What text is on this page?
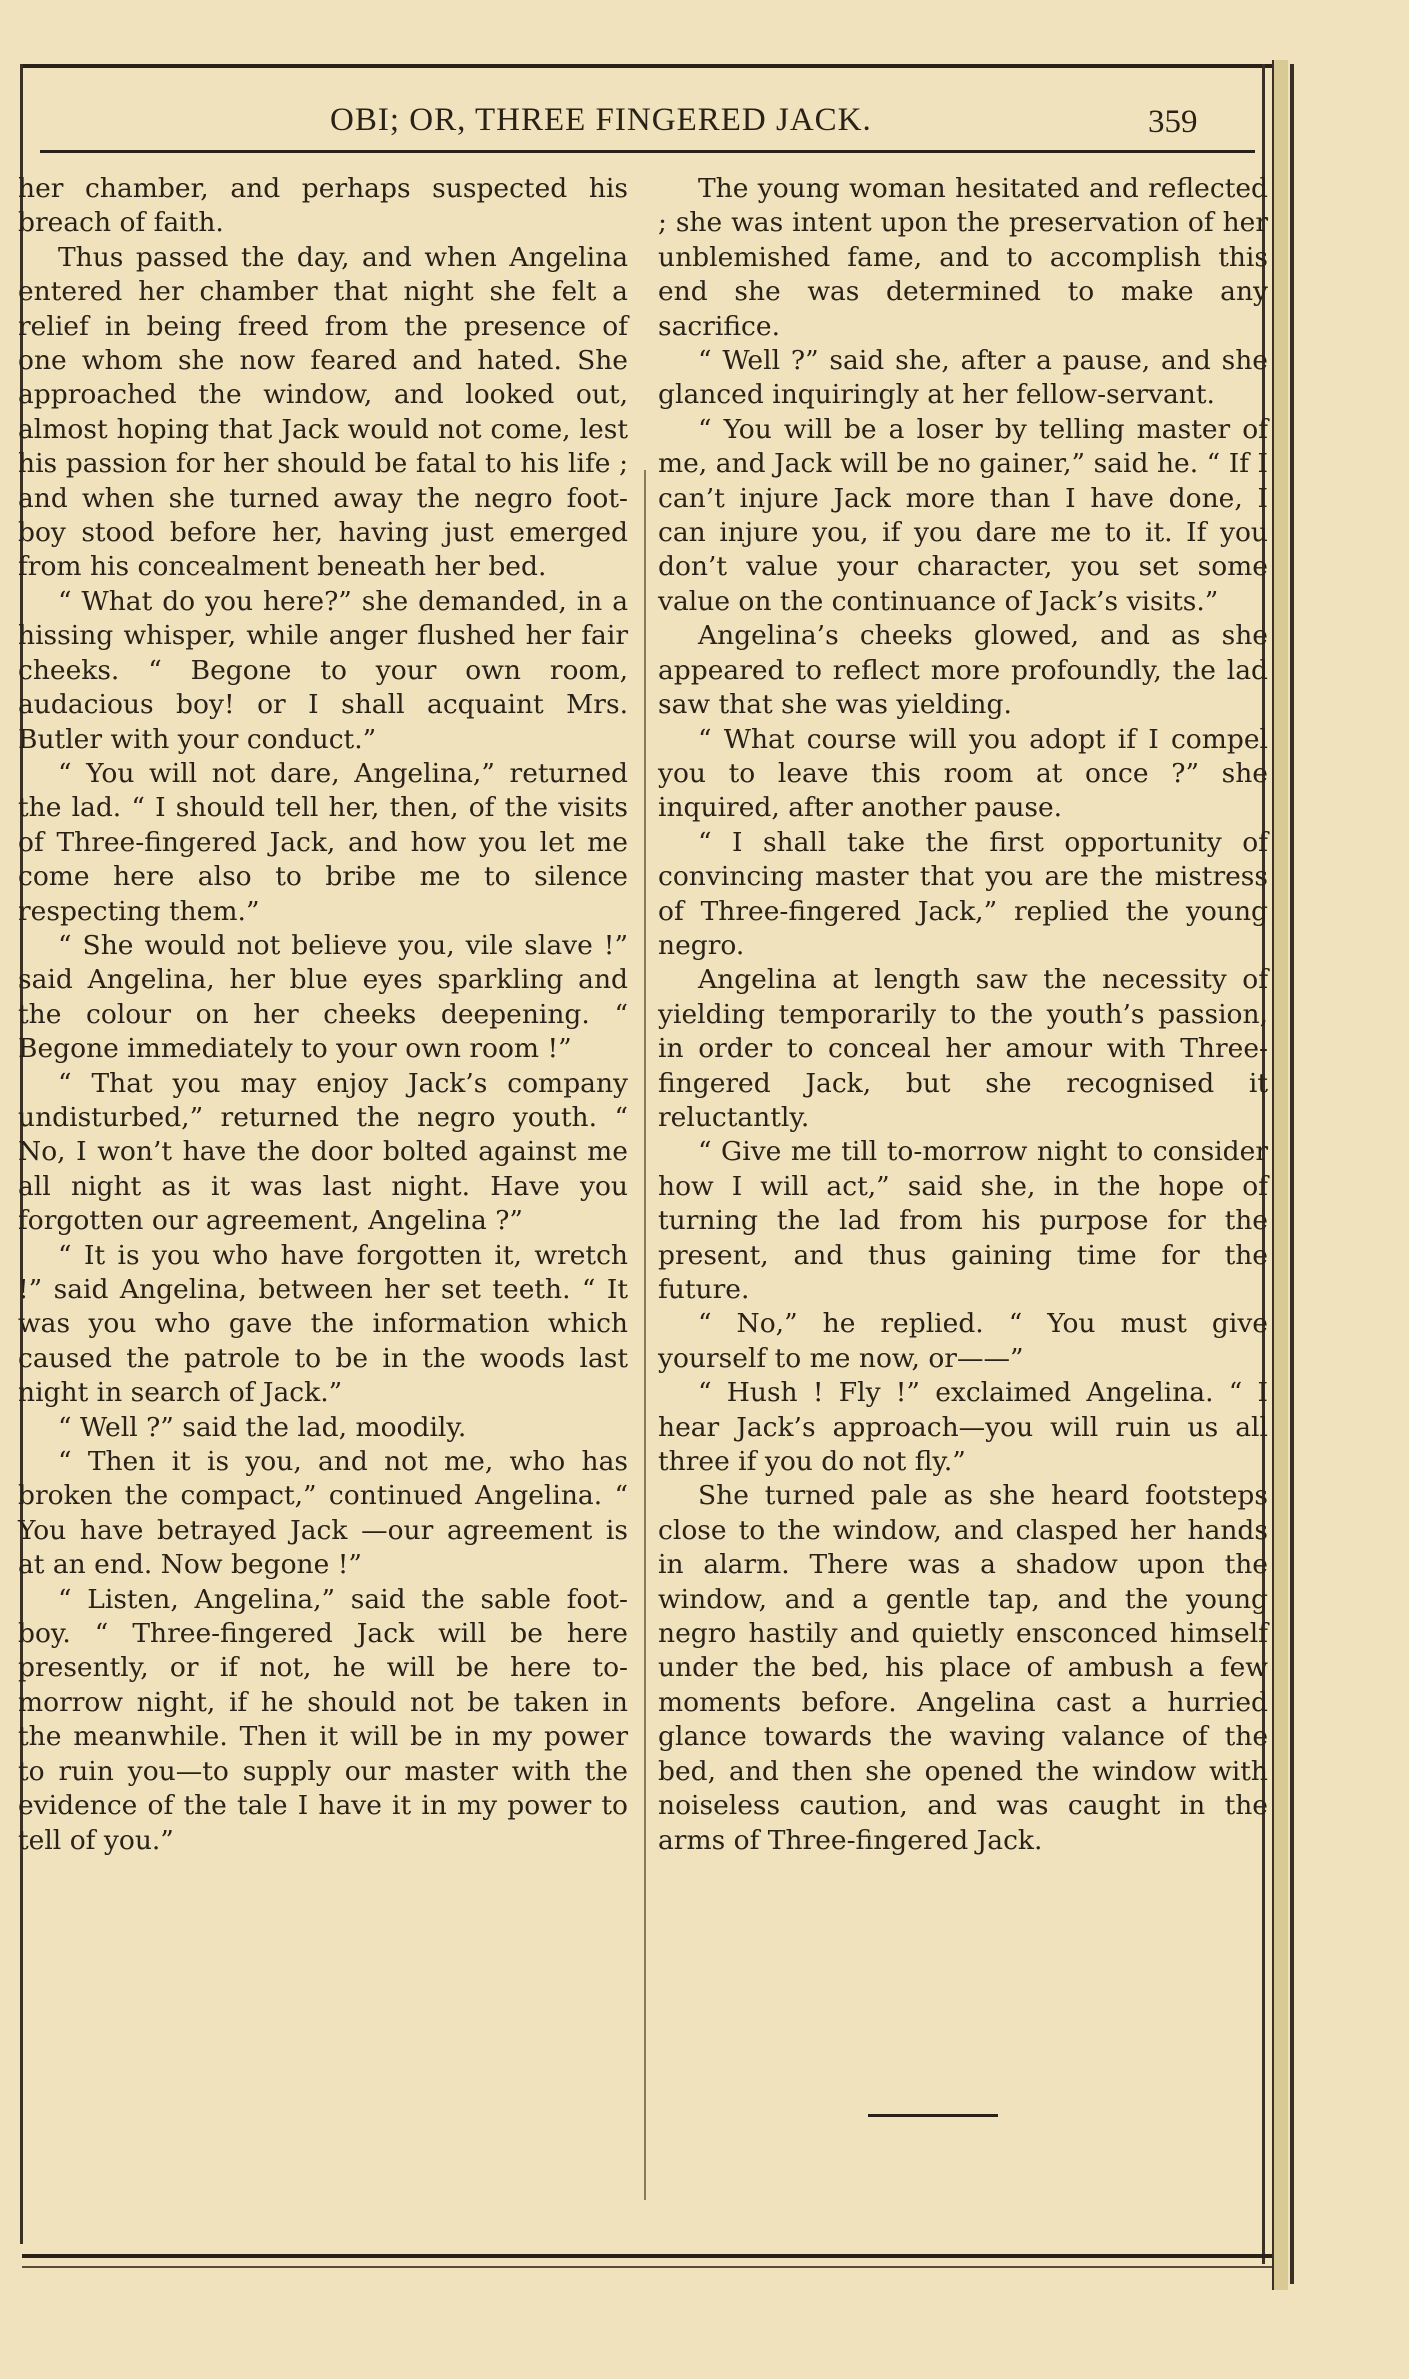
OBI; OR, THREE FINGERED JACK.	359

her chamber, and perhaps suspected his breach of faith.

Thus passed the day, and when Angelina entered her chamber that night she felt a relief in being freed from the presence of one whom she now feared and hated. She approached the window, and looked out, almost hoping that Jack would not come, lest his passion for her should be fatal to his life ; and when she turned away the negro foot-boy stood before her, having just emerged from his concealment beneath her bed.

“ What do you here?” she demanded, in a hissing whisper, while anger flushed her fair cheeks. “ Begone to your own room, audacious boy! or I shall acquaint Mrs. Butler with your conduct.”

“ You will not dare, Angelina,” returned the lad. “ I should tell her, then, of the visits of Three-fingered Jack, and how you let me come here also to bribe me to silence respecting them.”

“ She would not believe you, vile slave !” said Angelina, her blue eyes sparkling and the colour on her cheeks deepening. “ Begone immediately to your own room !”

“ That you may enjoy Jack’s company undisturbed,” returned the negro youth. “ No, I won’t have the door bolted against me all night as it was last night. Have you forgotten our agreement, Angelina ?”

“ It is you who have forgotten it, wretch !” said Angelina, between her set teeth. “ It was you who gave the information which caused the patrole to be in the woods last night in search of Jack.”

“ Well ?” said the lad, moodily.

“ Then it is you, and not me, who has broken the compact,” continued Angelina. “ You have betrayed Jack —our agreement is at an end. Now begone !”

“ Listen, Angelina,” said the sable foot-boy. “ Three-fingered Jack will be here presently, or if not, he will be here to-morrow night, if he should not be taken in the meanwhile. Then it will be in my power to ruin you—to supply our master with the evidence of the tale I have it in my power to tell of you.”

The young woman hesitated and reflected ; she was intent upon the preservation of her unblemished fame, and to accomplish this end she was determined to make any sacrifice.

“ Well ?” said she, after a pause, and she glanced inquiringly at her fellow-servant.

“ You will be a loser by telling master of me, and Jack will be no gainer,” said he. “ If I can’t injure Jack more than I have done, I can injure you, if you dare me to it. If you don’t value your character, you set some value on the continuance of Jack’s visits.”

Angelina’s cheeks glowed, and as she appeared to reflect more profoundly, the lad saw that she was yielding.

“ What course will you adopt if I compel you to leave this room at once ?” she inquired, after another pause.

“ I shall take the first opportunity of convincing master that you are the mistress of Three-fingered Jack,” replied the young negro.

Angelina at length saw the necessity of yielding temporarily to the youth’s passion, in order to conceal her amour with Three-fingered Jack, but she recognised it reluctantly.

“ Give me till to-morrow night to consider how I will act,” said she, in the hope of turning the lad from his purpose for the present, and thus gaining time for the future.

“ No,” he replied. “ You must give yourself to me now, or——”

“ Hush ! Fly !” exclaimed Angelina. “ I hear Jack’s approach—you will ruin us all three if you do not fly.”

She turned pale as she heard footsteps close to the window, and clasped her hands in alarm. There was a shadow upon the window, and a gentle tap, and the young negro hastily and quietly ensconced himself under the bed, his place of ambush a few moments before. Angelina cast a hurried glance towards the waving valance of the bed, and then she opened the window with noiseless caution, and was caught in the arms of Three-fingered Jack.
